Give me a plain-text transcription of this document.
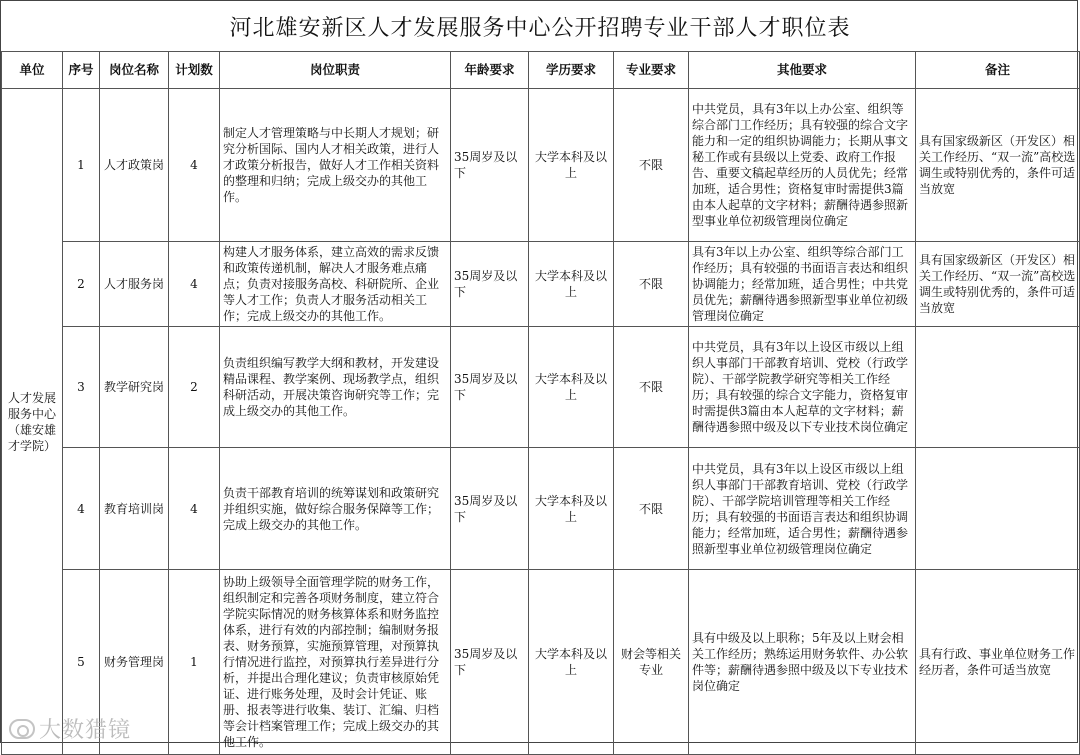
河北雄安新区人才发展服务中心公开招聘专业干部人才职位表
单位	序号	岗位名称	计划数	岗位职责	年龄要求	学历要求	专业要求	其他要求	备注
人才发展服务中心（雄安雄才学院）	1	人才政策岗	4	制定人才管理策略与中长期人才规划；研究分析国际、国内人才相关政策，进行人才政策分析报告，做好人才工作相关资料的整理和归纳；完成上级交办的其他工作。	35周岁及以下	大学本科及以上	不限	中共党员，具有3年以上办公室、组织等综合部门工作经历；具有较强的综合文字能力和一定的组织协调能力；长期从事文秘工作或有县级以上党委、政府工作报告、重要文稿起草经历的人员优先；经常加班，适合男性；资格复审时需提供3篇由本人起草的文字材料；薪酬待遇参照新型事业单位初级管理岗位确定	具有国家级新区（开发区）相关工作经历、“双一流”高校选调生或特别优秀的，条件可适当放宽
	2	人才服务岗	4	构建人才服务体系，建立高效的需求反馈和政策传递机制，解决人才服务难点痛点；负责对接服务高校、科研院所、企业等人才工作；负责人才服务活动相关工作；完成上级交办的其他工作。	35周岁及以下	大学本科及以上	不限	具有3年以上办公室、组织等综合部门工作经历；具有较强的书面语言表达和组织协调能力；经常加班，适合男性；中共党员优先；薪酬待遇参照新型事业单位初级管理岗位确定	具有国家级新区（开发区）相关工作经历、“双一流”高校选调生或特别优秀的，条件可适当放宽
	3	教学研究岗	2	负责组织编写教学大纲和教材，开发建设精品课程、教学案例、现场教学点，组织科研活动，开展决策咨询研究等工作；完成上级交办的其他工作。	35周岁及以下	大学本科及以上	不限	中共党员，具有3年以上设区市级以上组织人事部门干部教育培训、党校（行政学院）、干部学院教学研究等相关工作经历；具有较强的综合文字能力，资格复审时需提供3篇由本人起草的文字材料；薪酬待遇参照中级及以下专业技术岗位确定	
	4	教育培训岗	4	负责干部教育培训的统筹谋划和政策研究并组织实施，做好综合服务保障等工作；完成上级交办的其他工作。	35周岁及以下	大学本科及以上	不限	中共党员，具有3年以上设区市级以上组织人事部门干部教育培训、党校（行政学院）、干部学院培训管理等相关工作经历；具有较强的书面语言表达和组织协调能力；经常加班，适合男性；薪酬待遇参照新型事业单位初级管理岗位确定	
	5	财务管理岗	1	协助上级领导全面管理学院的财务工作，组织制定和完善各项财务制度，建立符合学院实际情况的财务核算体系和财务监控体系，进行有效的内部控制；编制财务报表、财务预算，实施预算管理，对预算执行情况进行监控，对预算执行差异进行分析，并提出合理化建议；负责审核原始凭证、进行账务处理，及时会计凭证、账册、报表等进行收集、装订、汇编、归档等会计档案管理工作；完成上级交办的其他工作。	35周岁及以下	大学本科及以上	财会等相关专业	具有中级及以上职称；5年及以上财会相关工作经历；熟练运用财务软件、办公软件等；薪酬待遇参照中级及以下专业技术岗位确定	具有行政、事业单位财务工作经历者，条件可适当放宽
大数猎镜
